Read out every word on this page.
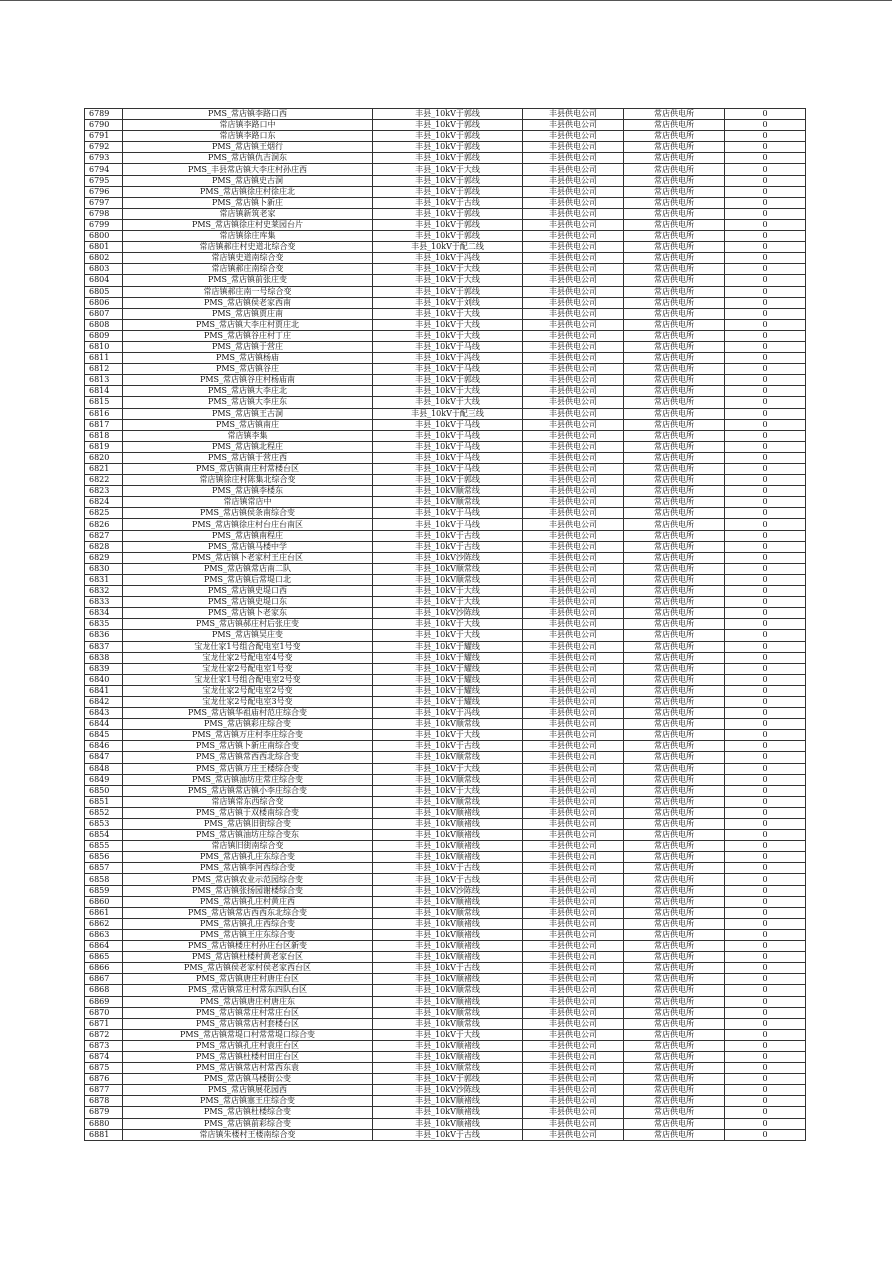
6789	PMS_常店镇李路口西	丰县_10kV于郭线	丰县供电公司	常店供电所	0
6790	常店镇李路口中	丰县_10kV于郭线	丰县供电公司	常店供电所	0
6791	常店镇李路口东	丰县_10kV于郭线	丰县供电公司	常店供电所	0
6792	PMS_常店镇王烟行	丰县_10kV于郭线	丰县供电公司	常店供电所	0
6793	PMS_常店镇仇吉洞东	丰县_10kV于郭线	丰县供电公司	常店供电所	0
6794	PMS_丰县常店镇大李庄村孙庄西	丰县_10kV于大线	丰县供电公司	常店供电所	0
6795	PMS_常店镇史古洞	丰县_10kV于郭线	丰县供电公司	常店供电所	0
6796	PMS_常店镇徐庄村徐庄北	丰县_10kV于郭线	丰县供电公司	常店供电所	0
6797	PMS_常店镇卜新庄	丰县_10kV于古线	丰县供电公司	常店供电所	0
6798	常店镇新筑老家	丰县_10kV于郭线	丰县供电公司	常店供电所	0
6799	PMS_常店镇徐庄村史莱园台片	丰县_10kV于郭线	丰县供电公司	常店供电所	0
6800	常店镇徐庄库集	丰县_10kV于郭线	丰县供电公司	常店供电所	0
6801	常店镇郝庄村史道北综合变	丰县_10kV于配二线	丰县供电公司	常店供电所	0
6802	常店镇史道南综合变	丰县_10kV于冯线	丰县供电公司	常店供电所	0
6803	常店镇郝庄南综合变	丰县_10kV于大线	丰县供电公司	常店供电所	0
6804	PMS_常店镇前张庄变	丰县_10kV于大线	丰县供电公司	常店供电所	0
6805	常店镇郝庄南一号综合变	丰县_10kV于郭线	丰县供电公司	常店供电所	0
6806	PMS_常店镇侯老家西南	丰县_10kV于刘线	丰县供电公司	常店供电所	0
6807	PMS_常店镇贾庄南	丰县_10kV于大线	丰县供电公司	常店供电所	0
6808	PMS_常店镇大李庄村贾庄北	丰县_10kV于大线	丰县供电公司	常店供电所	0
6809	PMS_常店镇谷庄村丁庄	丰县_10kV于大线	丰县供电公司	常店供电所	0
6810	PMS_常店镇于营庄	丰县_10kV于马线	丰县供电公司	常店供电所	0
6811	PMS_常店镇杨庙	丰县_10kV于冯线	丰县供电公司	常店供电所	0
6812	PMS_常店镇谷庄	丰县_10kV于马线	丰县供电公司	常店供电所	0
6813	PMS_常店镇谷庄村杨庙南	丰县_10kV于郭线	丰县供电公司	常店供电所	0
6814	PMS_常店镇大李庄北	丰县_10kV于大线	丰县供电公司	常店供电所	0
6815	PMS_常店镇大李庄东	丰县_10kV于大线	丰县供电公司	常店供电所	0
6816	PMS_常店镇王古洞	丰县_10kV于配三线	丰县供电公司	常店供电所	0
6817	PMS_常店镇南庄	丰县_10kV于马线	丰县供电公司	常店供电所	0
6818	常店镇李集	丰县_10kV于马线	丰县供电公司	常店供电所	0
6819	PMS_常店镇北程庄	丰县_10kV于马线	丰县供电公司	常店供电所	0
6820	PMS_常店镇于营庄西	丰县_10kV于马线	丰县供电公司	常店供电所	0
6821	PMS_常店镇南庄村常楼台区	丰县_10kV于马线	丰县供电公司	常店供电所	0
6822	常店镇徐庄村陈集北综合变	丰县_10kV于郭线	丰县供电公司	常店供电所	0
6823	PMS_常店镇李楼东	丰县_10kV顺常线	丰县供电公司	常店供电所	0
6824	常店镇常店中	丰县_10kV顺常线	丰县供电公司	常店供电所	0
6825	PMS_常店镇侯条南综合变	丰县_10kV于马线	丰县供电公司	常店供电所	0
6826	PMS_常店镇徐庄村台庄台南区	丰县_10kV于马线	丰县供电公司	常店供电所	0
6827	PMS_常店镇南程庄	丰县_10kV于古线	丰县供电公司	常店供电所	0
6828	PMS_常店镇马楼中学	丰县_10kV于古线	丰县供电公司	常店供电所	0
6829	PMS_常店镇卜老家村王庄台区	丰县_10kV沙陈线	丰县供电公司	常店供电所	0
6830	PMS_常店镇常店南二队	丰县_10kV顺常线	丰县供电公司	常店供电所	0
6831	PMS_常店镇后常堤口北	丰县_10kV顺常线	丰县供电公司	常店供电所	0
6832	PMS_常店镇史堤口西	丰县_10kV于大线	丰县供电公司	常店供电所	0
6833	PMS_常店镇史堤口东	丰县_10kV于大线	丰县供电公司	常店供电所	0
6834	PMS_常店镇卜老家东	丰县_10kV沙陈线	丰县供电公司	常店供电所	0
6835	PMS_常店镇郝庄村后张庄变	丰县_10kV于大线	丰县供电公司	常店供电所	0
6836	PMS_常店镇吴庄变	丰县_10kV于大线	丰县供电公司	常店供电所	0
6837	宝龙仕家1号组合配电室1号变	丰县_10kV于耀线	丰县供电公司	常店供电所	0
6838	宝龙仕家2号配电室4号变	丰县_10kV于耀线	丰县供电公司	常店供电所	0
6839	宝龙仕家2号配电室1号变	丰县_10kV于耀线	丰县供电公司	常店供电所	0
6840	宝龙仕家1号组合配电室2号变	丰县_10kV于耀线	丰县供电公司	常店供电所	0
6841	宝龙仕家2号配电室2号变	丰县_10kV于耀线	丰县供电公司	常店供电所	0
6842	宝龙仕家2号配电室3号变	丰县_10kV于耀线	丰县供电公司	常店供电所	0
6843	PMS_常店镇华祖庙村范庄综合变	丰县_10kV于冯线	丰县供电公司	常店供电所	0
6844	PMS_常店镇彩庄综合变	丰县_10kV顺常线	丰县供电公司	常店供电所	0
6845	PMS_常店镇万庄村李庄综合变	丰县_10kV于大线	丰县供电公司	常店供电所	0
6846	PMS_常店镇卜新庄南综合变	丰县_10kV于古线	丰县供电公司	常店供电所	0
6847	PMS_常店镇常西西北综合变	丰县_10kV顺常线	丰县供电公司	常店供电所	0
6848	PMS_常店镇万庄王楼综合变	丰县_10kV于大线	丰县供电公司	常店供电所	0
6849	PMS_常店镇油坊庄常庄综合变	丰县_10kV顺常线	丰县供电公司	常店供电所	0
6850	PMS_常店镇常店镇小李庄综合变	丰县_10kV于大线	丰县供电公司	常店供电所	0
6851	常店镇常东西综合变	丰县_10kV顺常线	丰县供电公司	常店供电所	0
6852	PMS_常店镇于双楼南综合变	丰县_10kV顺褚线	丰县供电公司	常店供电所	0
6853	PMS_常店镇旧街综合变	丰县_10kV顺褚线	丰县供电公司	常店供电所	0
6854	PMS_常店镇油坊庄综合变东	丰县_10kV顺褚线	丰县供电公司	常店供电所	0
6855	常店镇旧街南综合变	丰县_10kV顺褚线	丰县供电公司	常店供电所	0
6856	PMS_常店镇孔庄东综合变	丰县_10kV顺褚线	丰县供电公司	常店供电所	0
6857	PMS_常店镇李河西综合变	丰县_10kV于古线	丰县供电公司	常店供电所	0
6858	PMS_常店镇农业示范园综合变	丰县_10kV于古线	丰县供电公司	常店供电所	0
6859	PMS_常店镇张扬园谢楼综合变	丰县_10kV沙陈线	丰县供电公司	常店供电所	0
6860	PMS_常店镇孔庄村黄庄西	丰县_10kV顺褚线	丰县供电公司	常店供电所	0
6861	PMS_常店镇常店西西东北综合变	丰县_10kV顺常线	丰县供电公司	常店供电所	0
6862	PMS_常店镇孔庄西综合变	丰县_10kV顺褚线	丰县供电公司	常店供电所	0
6863	PMS_常店镇王庄东综合变	丰县_10kV顺褚线	丰县供电公司	常店供电所	0
6864	PMS_常店镇楼庄村孙庄台区新变	丰县_10kV顺褚线	丰县供电公司	常店供电所	0
6865	PMS_常店镇杜楼村黄老家台区	丰县_10kV顺褚线	丰县供电公司	常店供电所	0
6866	PMS_常店镇侯老家村侯老家西台区	丰县_10kV于古线	丰县供电公司	常店供电所	0
6867	PMS_常店镇唐庄村唐庄台区	丰县_10kV顺褚线	丰县供电公司	常店供电所	0
6868	PMS_常店镇常庄村常东四队台区	丰县_10kV顺常线	丰县供电公司	常店供电所	0
6869	PMS_常店镇唐庄村唐庄东	丰县_10kV顺褚线	丰县供电公司	常店供电所	0
6870	PMS_常店镇常庄村常庄台区	丰县_10kV顺常线	丰县供电公司	常店供电所	0
6871	PMS_常店镇常店村套楼台区	丰县_10kV顺常线	丰县供电公司	常店供电所	0
6872	PMS_常店镇常堤口村常常堤口综合变	丰县_10kV于大线	丰县供电公司	常店供电所	0
6873	PMS_常店镇孔庄村袁庄台区	丰县_10kV顺褚线	丰县供电公司	常店供电所	0
6874	PMS_常店镇杜楼村田庄台区	丰县_10kV顺褚线	丰县供电公司	常店供电所	0
6875	PMS_常店镇常店村常西东袁	丰县_10kV顺常线	丰县供电公司	常店供电所	0
6876	PMS_常店镇马楼街公变	丰县_10kV于郭线	丰县供电公司	常店供电所	0
6877	PMS_常店镇展花园西	丰县_10kV沙陈线	丰县供电公司	常店供电所	0
6878	PMS_常店镇塞王庄综合变	丰县_10kV顺褚线	丰县供电公司	常店供电所	0
6879	PMS_常店镇杜楼综合变	丰县_10kV顺褚线	丰县供电公司	常店供电所	0
6880	PMS_常店镇前彩综合变	丰县_10kV顺褚线	丰县供电公司	常店供电所	0
6881	常店镇朱楼村王楼南综合变	丰县_10kV于古线	丰县供电公司	常店供电所	0
